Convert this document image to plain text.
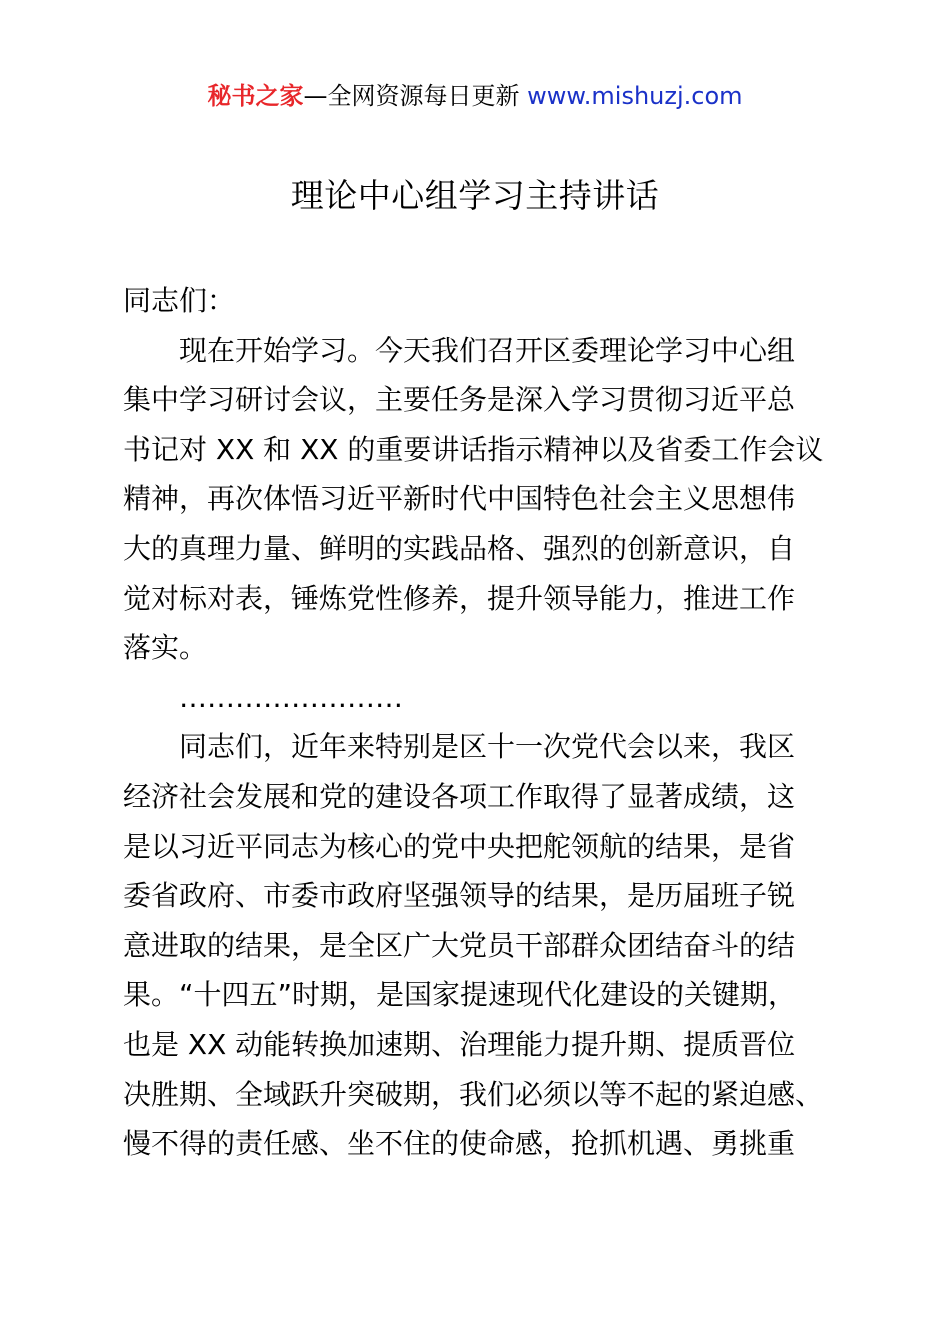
秘书之家—全网资源每日更新 www.mishuzj.com
理论中心组学习主持讲话
同志们：
现在开始学习。今天我们召开区委理论学习中心组
集中学习研讨会议，主要任务是深入学习贯彻习近平总
书记对 XX 和 XX 的重要讲话指示精神以及省委工作会议
精神，再次体悟习近平新时代中国特色社会主义思想伟
大的真理力量、鲜明的实践品格、强烈的创新意识，自
觉对标对表，锤炼党性修养，提升领导能力，推进工作
落实。
……………………
同志们，近年来特别是区十一次党代会以来，我区
经济社会发展和党的建设各项工作取得了显著成绩，这
是以习近平同志为核心的党中央把舵领航的结果，是省
委省政府、市委市政府坚强领导的结果，是历届班子锐
意进取的结果，是全区广大党员干部群众团结奋斗的结
果。“十四五”时期，是国家提速现代化建设的关键期，
也是 XX 动能转换加速期、治理能力提升期、提质晋位
决胜期、全域跃升突破期，我们必须以等不起的紧迫感、
慢不得的责任感、坐不住的使命感，抢抓机遇、勇挑重
